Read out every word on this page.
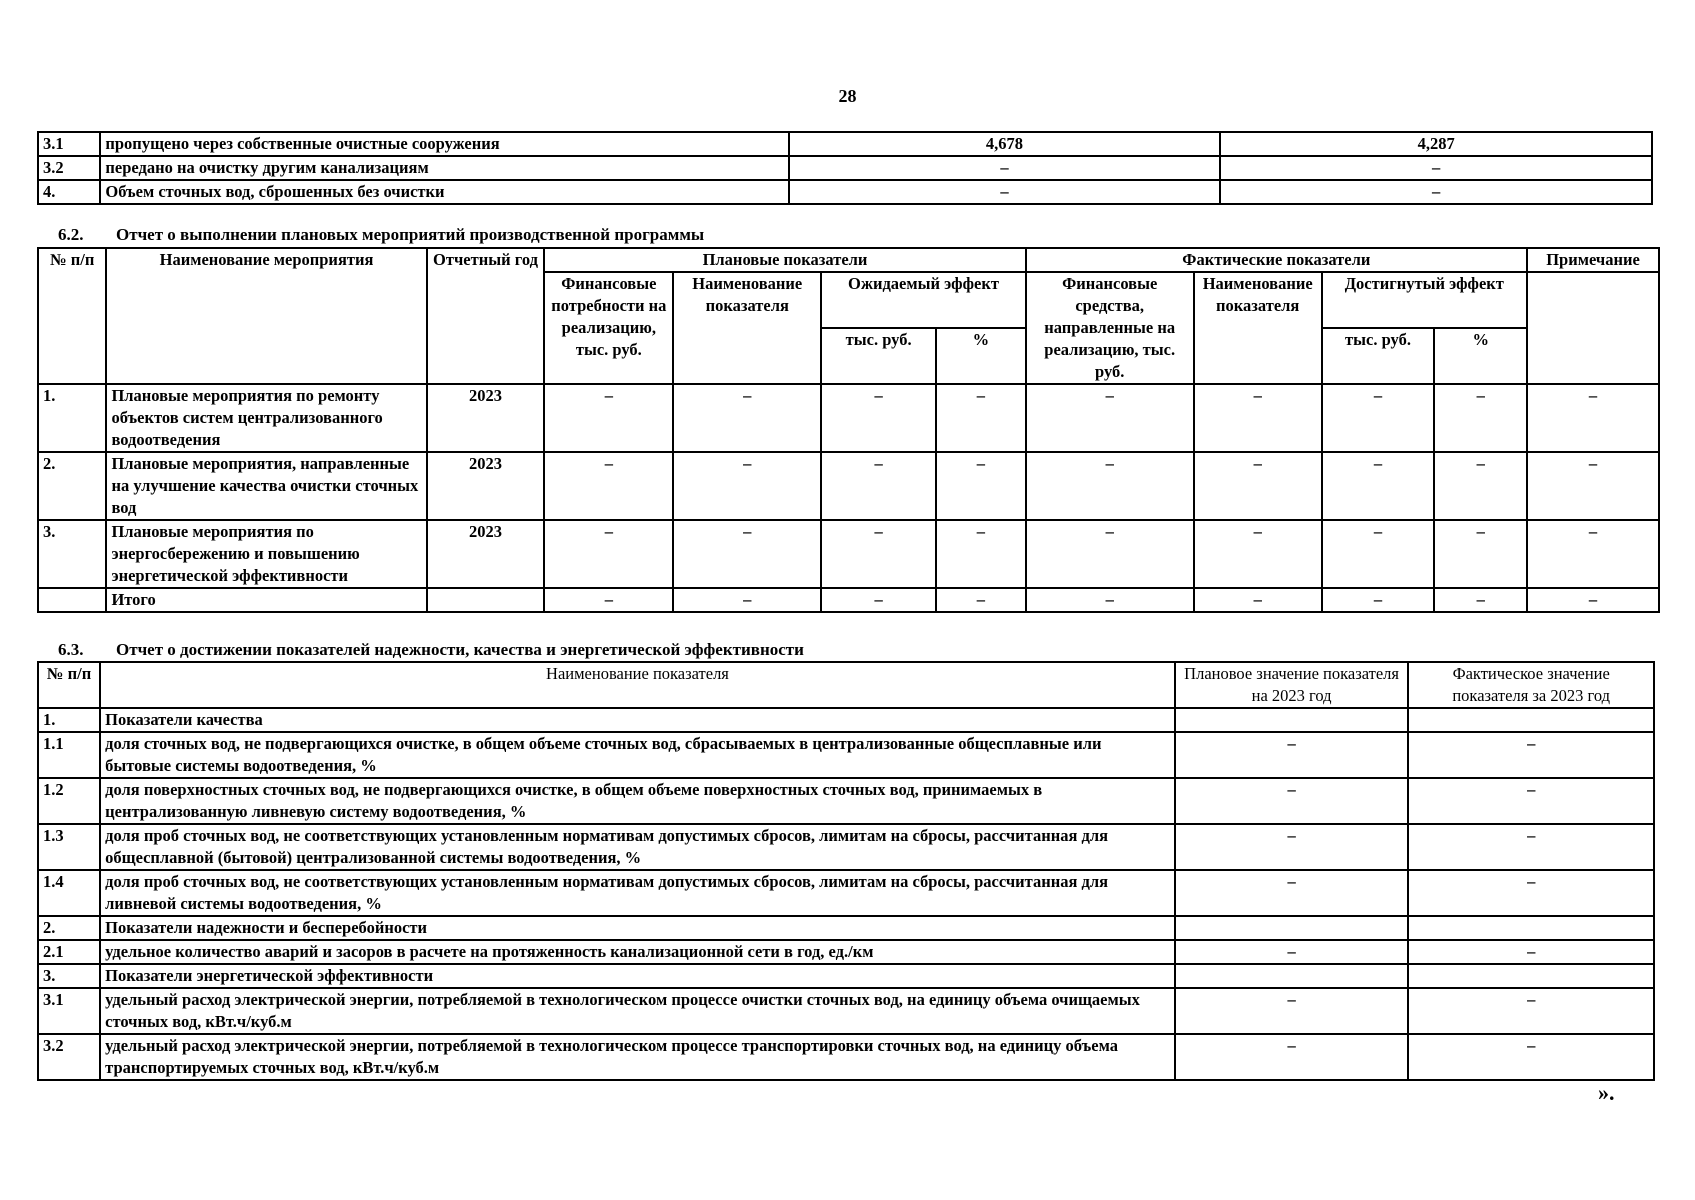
28
3.1	пропущено через собственные очистные сооружения	4,678	4,287
3.2	передано на очистку другим канализациям	–	–
4.	Объем сточных вод, сброшенных без очистки	–	–
6.2. Отчет о выполнении плановых мероприятий производственной программы
№ п/п	Наименование мероприятия	Отчетный год	Плановые показатели				Фактические показатели				Примечание
			Финансовые потребности на реализацию, тыс. руб.	Наименование показателя	Ожидаемый эффект		Финансовые средства, направленные на реализацию, тыс. руб.	Наименование показателя	Достигнутый эффект		
					тыс. руб.	%			тыс. руб.	%	
1.	Плановые мероприятия по ремонту объектов систем централизованного водоотведения	2023	–	–	–	–	–	–	–	–	–
2.	Плановые мероприятия, направленные на улучшение качества очистки сточных вод	2023	–	–	–	–	–	–	–	–	–
3.	Плановые мероприятия по энергосбережению и повышению энергетической эффективности	2023	–	–	–	–	–	–	–	–	–
	Итого		–	–	–	–	–	–	–	–	–
6.3. Отчет о достижении показателей надежности, качества и энергетической эффективности
№ п/п	Наименование показателя	Плановое значение показателя на 2023 год	Фактическое значение показателя за 2023 год
1.	Показатели качества		
1.1	доля сточных вод, не подвергающихся очистке, в общем объеме сточных вод, сбрасываемых в централизованные общесплавные или бытовые системы водоотведения, %	–	–
1.2	доля поверхностных сточных вод, не подвергающихся очистке, в общем объеме поверхностных сточных вод, принимаемых в централизованную ливневую систему водоотведения, %	–	–
1.3	доля проб сточных вод, не соответствующих установленным нормативам допустимых сбросов, лимитам на сбросы, рассчитанная для общесплавной (бытовой) централизованной системы водоотведения, %	–	–
1.4	доля проб сточных вод, не соответствующих установленным нормативам допустимых сбросов, лимитам на сбросы, рассчитанная для ливневой системы водоотведения, %	–	–
2.	Показатели надежности и бесперебойности		
2.1	удельное количество аварий и засоров в расчете на протяженность канализационной сети в год, ед./км	–	–
3.	Показатели энергетической эффективности		
3.1	удельный расход электрической энергии, потребляемой в технологическом процессе очистки сточных вод, на единицу объема очищаемых сточных вод, кВт.ч/куб.м	–	–
3.2	удельный расход электрической энергии, потребляемой в технологическом процессе транспортировки сточных вод, на единицу объема транспортируемых сточных вод, кВт.ч/куб.м	–	–
».
